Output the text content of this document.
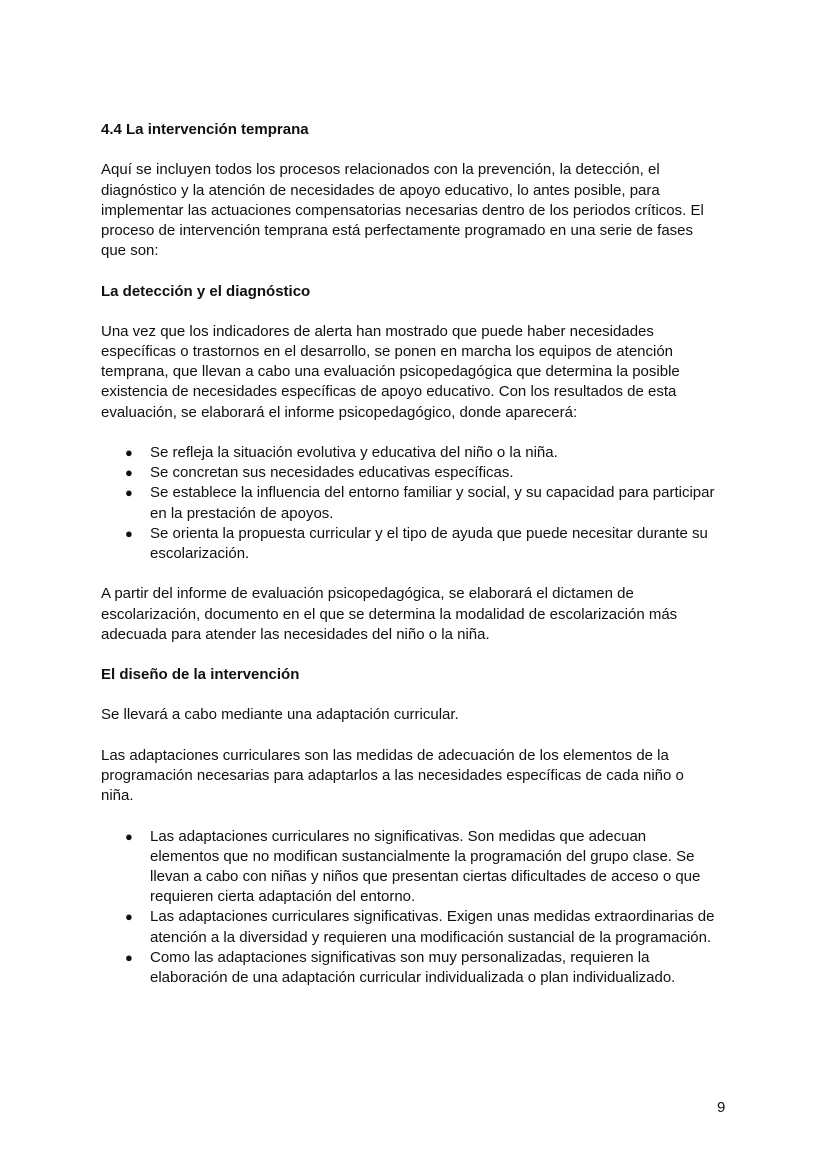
4.4 La intervención temprana
Aquí se incluyen todos los procesos relacionados con la prevención, la detección, el
diagnóstico y la atención de necesidades de apoyo educativo, lo antes posible, para
implementar las actuaciones compensatorias necesarias dentro de los periodos críticos. El
proceso de intervención temprana está perfectamente programado en una serie de fases
que son:
La detección y el diagnóstico
Una vez que los indicadores de alerta han mostrado que puede haber necesidades
específicas o trastornos en el desarrollo, se ponen en marcha los equipos de atención
temprana, que llevan a cabo una evaluación psicopedagógica que determina la posible
existencia de necesidades específicas de apoyo educativo. Con los resultados de esta
evaluación, se elaborará el informe psicopedagógico, donde aparecerá:
● Se refleja la situación evolutiva y educativa del niño o la niña.
● Se concretan sus necesidades educativas específicas.
● Se establece la influencia del entorno familiar y social, y su capacidad para participar
en la prestación de apoyos.
● Se orienta la propuesta curricular y el tipo de ayuda que puede necesitar durante su
escolarización.
A partir del informe de evaluación psicopedagógica, se elaborará el dictamen de
escolarización, documento en el que se determina la modalidad de escolarización más
adecuada para atender las necesidades del niño o la niña.
El diseño de la intervención
Se llevará a cabo mediante una adaptación curricular.
Las adaptaciones curriculares son las medidas de adecuación de los elementos de la
programación necesarias para adaptarlos a las necesidades específicas de cada niño o
niña.
● Las adaptaciones curriculares no significativas. Son medidas que adecuan
elementos que no modifican sustancialmente la programación del grupo clase. Se
llevan a cabo con niñas y niños que presentan ciertas dificultades de acceso o que
requieren cierta adaptación del entorno.
● Las adaptaciones curriculares significativas. Exigen unas medidas extraordinarias de
atención a la diversidad y requieren una modificación sustancial de la programación.
● Como las adaptaciones significativas son muy personalizadas, requieren la
elaboración de una adaptación curricular individualizada o plan individualizado.
9
